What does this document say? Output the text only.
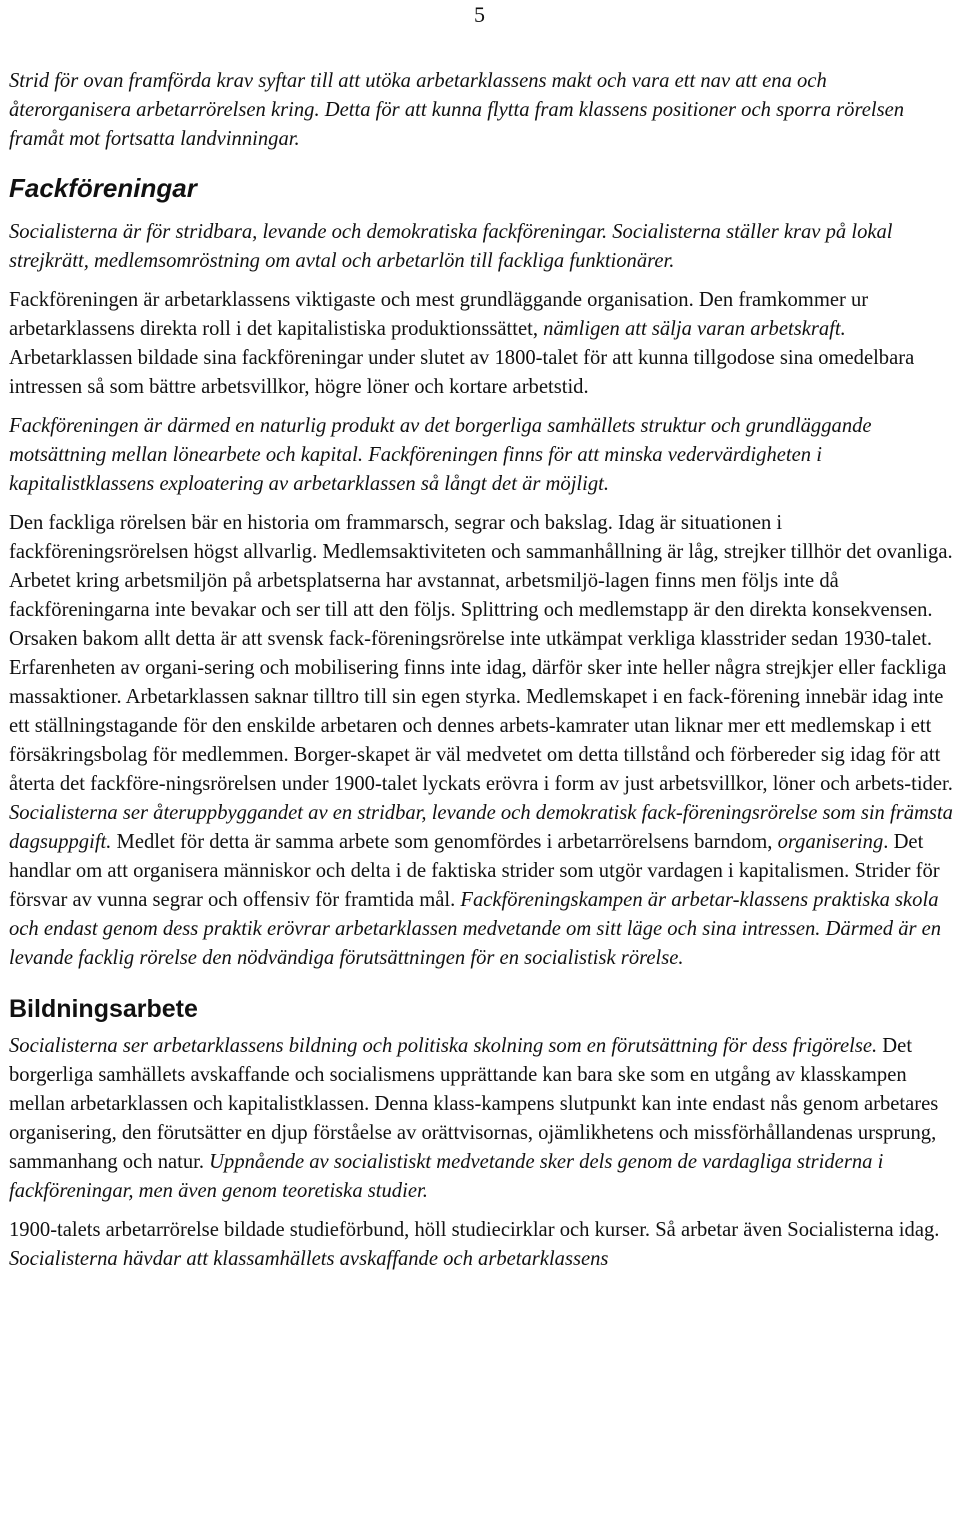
5

Strid för ovan framförda krav syftar till att utöka arbetarklassens makt och vara ett nav att ena och återorganisera arbetarrörelsen kring. Detta för att kunna flytta fram klassens positioner och sporra rörelsen framåt mot fortsatta landvinningar.

Fackföreningar

Socialisterna är för stridbara, levande och demokratiska fackföreningar. Socialisterna ställer krav på lokal strejkrätt, medlemsomröstning om avtal och arbetarlön till fackliga funktionärer.

Fackföreningen är arbetarklassens viktigaste och mest grundläggande organisation. Den framkommer ur arbetarklassens direkta roll i det kapitalistiska produktionssättet, nämligen att sälja varan arbetskraft. Arbetarklassen bildade sina fackföreningar under slutet av 1800-talet för att kunna tillgodose sina omedelbara intressen så som bättre arbetsvillkor, högre löner och kortare arbetstid.

Fackföreningen är därmed en naturlig produkt av det borgerliga samhällets struktur och grundläggande motsättning mellan lönearbete och kapital. Fackföreningen finns för att minska vedervärdigheten i kapitalistklassens exploatering av arbetarklassen så långt det är möjligt.

Den fackliga rörelsen bär en historia om frammarsch, segrar och bakslag. Idag är situationen i fackföreningsrörelsen högst allvarlig. Medlemsaktiviteten och sammanhållning är låg, strejker tillhör det ovanliga. Arbetet kring arbetsmiljön på arbetsplatserna har avstannat, arbetsmiljö-lagen finns men följs inte då fackföreningarna inte bevakar och ser till att den följs. Splittring och medlemstapp är den direkta konsekvensen. Orsaken bakom allt detta är att svensk fack-föreningsrörelse inte utkämpat verkliga klasstrider sedan 1930-talet. Erfarenheten av organi-sering och mobilisering finns inte idag, därför sker inte heller några strejkjer eller fackliga massaktioner. Arbetarklassen saknar tilltro till sin egen styrka. Medlemskapet i en fack-förening innebär idag inte ett ställningstagande för den enskilde arbetaren och dennes arbets-kamrater utan liknar mer ett medlemskap i ett försäkringsbolag för medlemmen. Borger-skapet är väl medvetet om detta tillstånd och förbereder sig idag för att återta det fackföre-ningsrörelsen under 1900-talet lyckats erövra i form av just arbetsvillkor, löner och arbets-tider. Socialisterna ser återuppbyggandet av en stridbar, levande och demokratisk fack-föreningsrörelse som sin främsta dagsuppgift. Medlet för detta är samma arbete som genomfördes i arbetarrörelsens barndom, organisering. Det handlar om att organisera människor och delta i de faktiska strider som utgör vardagen i kapitalismen. Strider för försvar av vunna segrar och offensiv för framtida mål. Fackföreningskampen är arbetar-klassens praktiska skola och endast genom dess praktik erövrar arbetarklassen medvetande om sitt läge och sina intressen. Därmed är en levande facklig rörelse den nödvändiga förutsättningen för en socialistisk rörelse.

Bildningsarbete

Socialisterna ser arbetarklassens bildning och politiska skolning som en förutsättning för dess frigörelse. Det borgerliga samhällets avskaffande och socialismens upprättande kan bara ske som en utgång av klasskampen mellan arbetarklassen och kapitalistklassen. Denna klass-kampens slutpunkt kan inte endast nås genom arbetares organisering, den förutsätter en djup förståelse av orättvisornas, ojämlikhetens och missförhållandenas ursprung, sammanhang och natur. Uppnående av socialistiskt medvetande sker dels genom de vardagliga striderna i fackföreningar, men även genom teoretiska studier.

1900-talets arbetarrörelse bildade studieförbund, höll studiecirklar och kurser. Så arbetar även Socialisterna idag. Socialisterna hävdar att klassamhällets avskaffande och arbetarklassens
